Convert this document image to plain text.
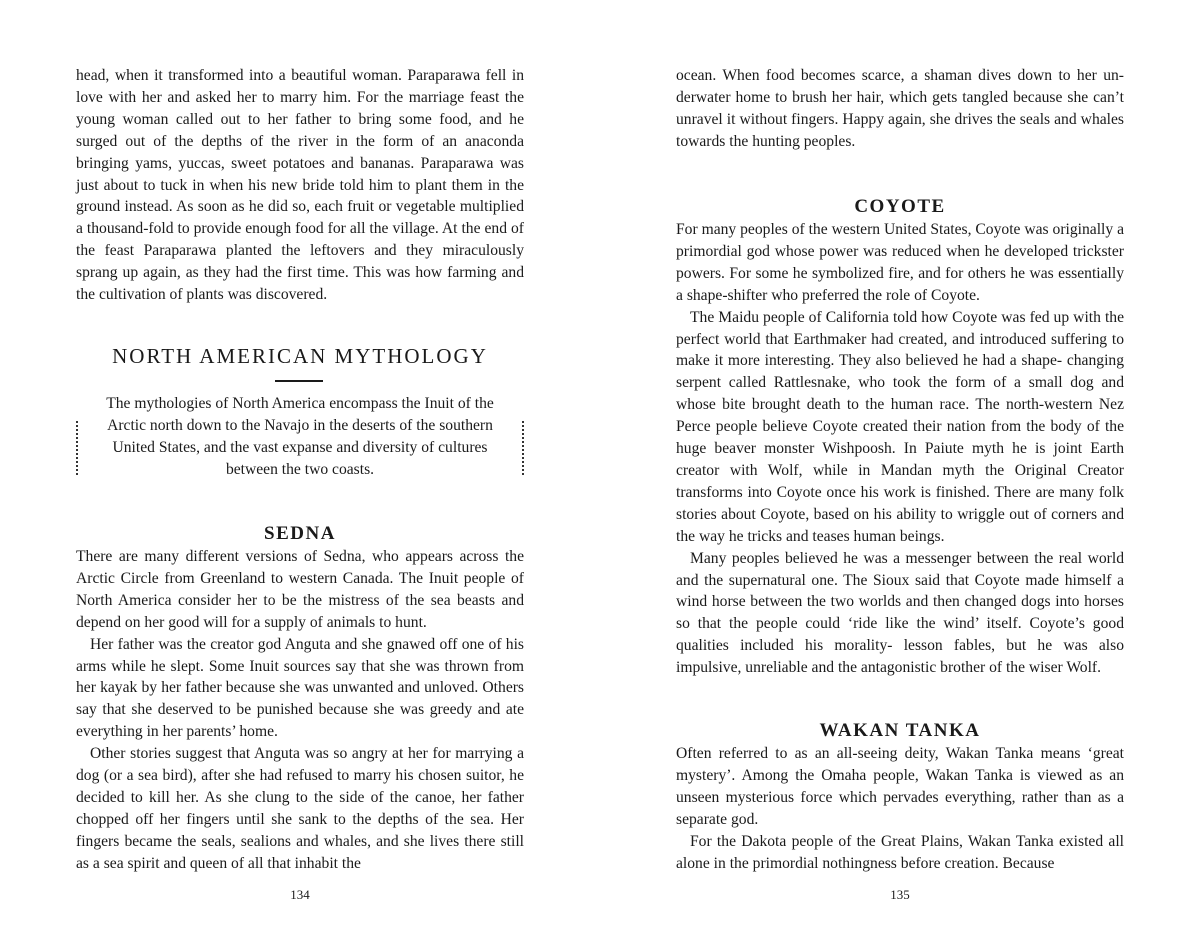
head, when it transformed into a beautiful woman. Paraparawa fell in love with her and asked her to marry him. For the marriage feast the young woman called out to her father to bring some food, and he surged out of the depths of the river in the form of an anaconda bringing yams, yuccas, sweet potatoes and bananas. Paraparawa was just about to tuck in when his new bride told him to plant them in the ground instead. As soon as he did so, each fruit or vegetable multiplied a thousand-fold to provide enough food for all the village. At the end of the feast Paraparawa planted the leftovers and they miraculously sprang up again, as they had the first time. This was how farming and the cultivation of plants was discovered.

NORTH AMERICAN MYTHOLOGY
The mythologies of North America encompass the Inuit of the Arctic north down to the Navajo in the deserts of the southern United States, and the vast expanse and diversity of cultures between the two coasts.
SEDNA

There are many different versions of Sedna, who appears across the Arctic Circle from Greenland to western Canada. The Inuit people of North America consider her to be the mistress of the sea beasts and depend on her good will for a supply of animals to hunt.

Her father was the creator god Anguta and she gnawed off one of his arms while he slept. Some Inuit sources say that she was thrown from her kayak by her father because she was unwanted and unloved. Others say that she deserved to be punished because she was greedy and ate everything in her parents’ home.

Other stories suggest that Anguta was so angry at her for marrying a dog (or a sea bird), after she had refused to marry his chosen suitor, he decided to kill her. As she clung to the side of the canoe, her father chopped off her fingers until she sank to the depths of the sea. Her fingers became the seals, sealions and whales, and she lives there still as a sea spirit and queen of all that inhabit the

134

ocean. When food becomes scarce, a shaman dives down to her underwater home to brush her hair, which gets tangled because she can’t unravel it without fingers. Happy again, she drives the seals and whales towards the hunting peoples.

COYOTE

For many peoples of the western United States, Coyote was originally a primordial god whose power was reduced when he developed trickster powers. For some he symbolized fire, and for others he was essentially a shape-shifter who preferred the role of Coyote.

The Maidu people of California told how Coyote was fed up with the perfect world that Earthmaker had created, and introduced suffering to make it more interesting. They also believed he had a shape- changing serpent called Rattlesnake, who took the form of a small dog and whose bite brought death to the human race. The north-western Nez Perce people believe Coyote created their nation from the body of the huge beaver monster Wishpoosh. In Paiute myth he is joint Earth creator with Wolf, while in Mandan myth the Original Creator transforms into Coyote once his work is finished. There are many folk stories about Coyote, based on his ability to wriggle out of corners and the way he tricks and teases human beings.

Many peoples believed he was a messenger between the real world and the supernatural one. The Sioux said that Coyote made himself a wind horse between the two worlds and then changed dogs into horses so that the people could ‘ride like the wind’ itself. Coyote’s good qualities included his morality- lesson fables, but he was also impulsive, unreliable and the antagonistic brother of the wiser Wolf.

WAKAN TANKA

Often referred to as an all-seeing deity, Wakan Tanka means ‘great mystery’. Among the Omaha people, Wakan Tanka is viewed as an unseen mysterious force which pervades everything, rather than as a separate god.

For the Dakota people of the Great Plains, Wakan Tanka existed all alone in the primordial nothingness before creation. Because

135
